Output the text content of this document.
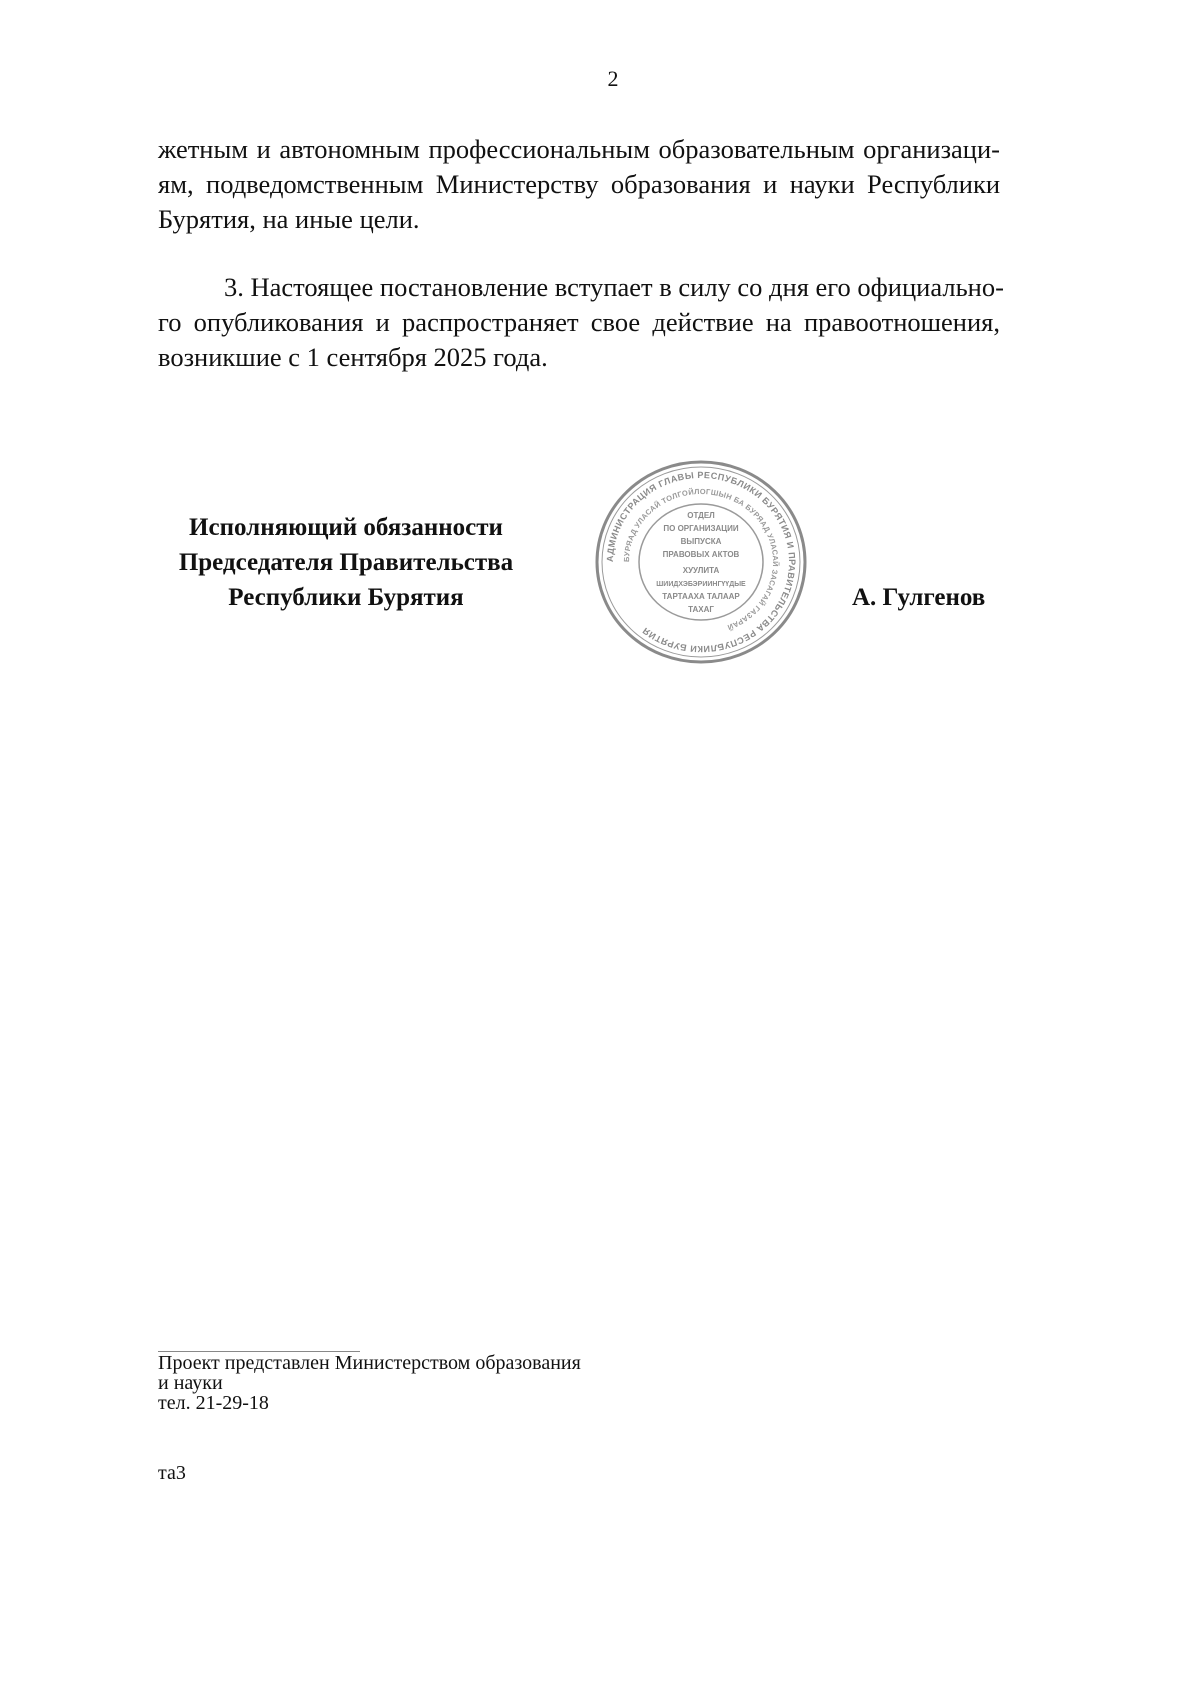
2
жетным и автономным профессиональным образовательным организаци-
ям, подведомственным Министерству образования и науки Республики
Бурятия, на иные цели.
3. Настоящее постановление вступает в силу со дня его официально-
го опубликования и распространяет свое действие на правоотношения,
возникшие с 1 сентября 2025 года.
Исполняющий обязанности
Председателя Правительства
Республики Бурятия
АДМИНИСТРАЦИЯ ГЛАВЫ РЕСПУБЛИКИ БУРЯТИЯ И ПРАВИТЕЛЬСТВА РЕСПУБЛИКИ БУРЯТИЯ
БУРЯАД УЛАСАЙ ТОЛГОЙЛОГШЫН БА БУРЯАД УЛАСАЙ ЗАСАГАЙ ГАЗАРАЙ
ОТДЕЛ
ПО ОРГАНИЗАЦИИ
ВЫПУСКА
ПРАВОВЫХ АКТОВ
ХУУЛИТА
ШИИДХЭБЭРИИНГҮҮДЫЕ
ТАРТААХА ТАЛААР
ТАХАГ	А. Гулгенов
Проект представлен Министерством образования
и науки
тел. 21-29-18
та3
